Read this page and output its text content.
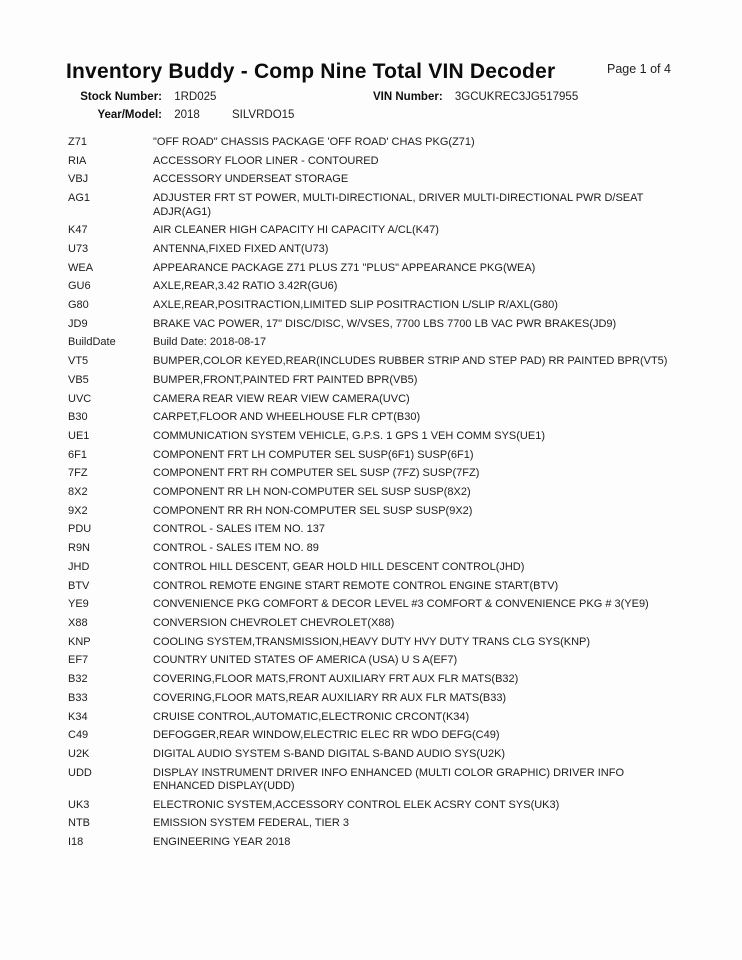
Page 1 of 4
Inventory Buddy - Comp Nine Total VIN Decoder
Stock Number: 1RD025	VIN Number: 3GCUKREC3JG517955
Year/Model: 2018	SILVRDO15
Z71	"OFF ROAD" CHASSIS PACKAGE 'OFF ROAD' CHAS PKG(Z71)
RIA	ACCESSORY FLOOR LINER - CONTOURED
VBJ	ACCESSORY UNDERSEAT STORAGE
AG1	ADJUSTER FRT ST POWER, MULTI-DIRECTIONAL, DRIVER MULTI-DIRECTIONAL PWR D/SEAT ADJR(AG1)
K47	AIR CLEANER HIGH CAPACITY HI CAPACITY A/CL(K47)
U73	ANTENNA,FIXED FIXED ANT(U73)
WEA	APPEARANCE PACKAGE Z71 PLUS Z71 "PLUS" APPEARANCE PKG(WEA)
GU6	AXLE,REAR,3.42 RATIO 3.42R(GU6)
G80	AXLE,REAR,POSITRACTION,LIMITED SLIP POSITRACTION L/SLIP R/AXL(G80)
JD9	BRAKE VAC POWER, 17" DISC/DISC, W/VSES, 7700 LBS 7700 LB VAC PWR BRAKES(JD9)
BuildDate	Build Date: 2018-08-17
VT5	BUMPER,COLOR KEYED,REAR(INCLUDES RUBBER STRIP AND STEP PAD) RR PAINTED BPR(VT5)
VB5	BUMPER,FRONT,PAINTED FRT PAINTED BPR(VB5)
UVC	CAMERA REAR VIEW REAR VIEW CAMERA(UVC)
B30	CARPET,FLOOR AND WHEELHOUSE FLR CPT(B30)
UE1	COMMUNICATION SYSTEM VEHICLE, G.P.S. 1 GPS 1 VEH COMM SYS(UE1)
6F1	COMPONENT FRT LH COMPUTER SEL SUSP(6F1) SUSP(6F1)
7FZ	COMPONENT FRT RH COMPUTER SEL SUSP (7FZ) SUSP(7FZ)
8X2	COMPONENT RR LH NON-COMPUTER SEL SUSP SUSP(8X2)
9X2	COMPONENT RR RH NON-COMPUTER SEL SUSP SUSP(9X2)
PDU	CONTROL - SALES ITEM NO. 137
R9N	CONTROL - SALES ITEM NO. 89
JHD	CONTROL HILL DESCENT, GEAR HOLD HILL DESCENT CONTROL(JHD)
BTV	CONTROL REMOTE ENGINE START REMOTE CONTROL ENGINE START(BTV)
YE9	CONVENIENCE PKG COMFORT & DECOR LEVEL #3 COMFORT & CONVENIENCE PKG # 3(YE9)
X88	CONVERSION CHEVROLET CHEVROLET(X88)
KNP	COOLING SYSTEM,TRANSMISSION,HEAVY DUTY HVY DUTY TRANS CLG SYS(KNP)
EF7	COUNTRY UNITED STATES OF AMERICA (USA) U S A(EF7)
B32	COVERING,FLOOR MATS,FRONT AUXILIARY FRT AUX FLR MATS(B32)
B33	COVERING,FLOOR MATS,REAR AUXILIARY RR AUX FLR MATS(B33)
K34	CRUISE CONTROL,AUTOMATIC,ELECTRONIC CRCONT(K34)
C49	DEFOGGER,REAR WINDOW,ELECTRIC ELEC RR WDO DEFG(C49)
U2K	DIGITAL AUDIO SYSTEM S-BAND DIGITAL S-BAND AUDIO SYS(U2K)
UDD	DISPLAY INSTRUMENT DRIVER INFO ENHANCED (MULTI COLOR GRAPHIC) DRIVER INFO ENHANCED DISPLAY(UDD)
UK3	ELECTRONIC SYSTEM,ACCESSORY CONTROL ELEK ACSRY CONT SYS(UK3)
NTB	EMISSION SYSTEM FEDERAL, TIER 3
I18	ENGINEERING YEAR 2018
